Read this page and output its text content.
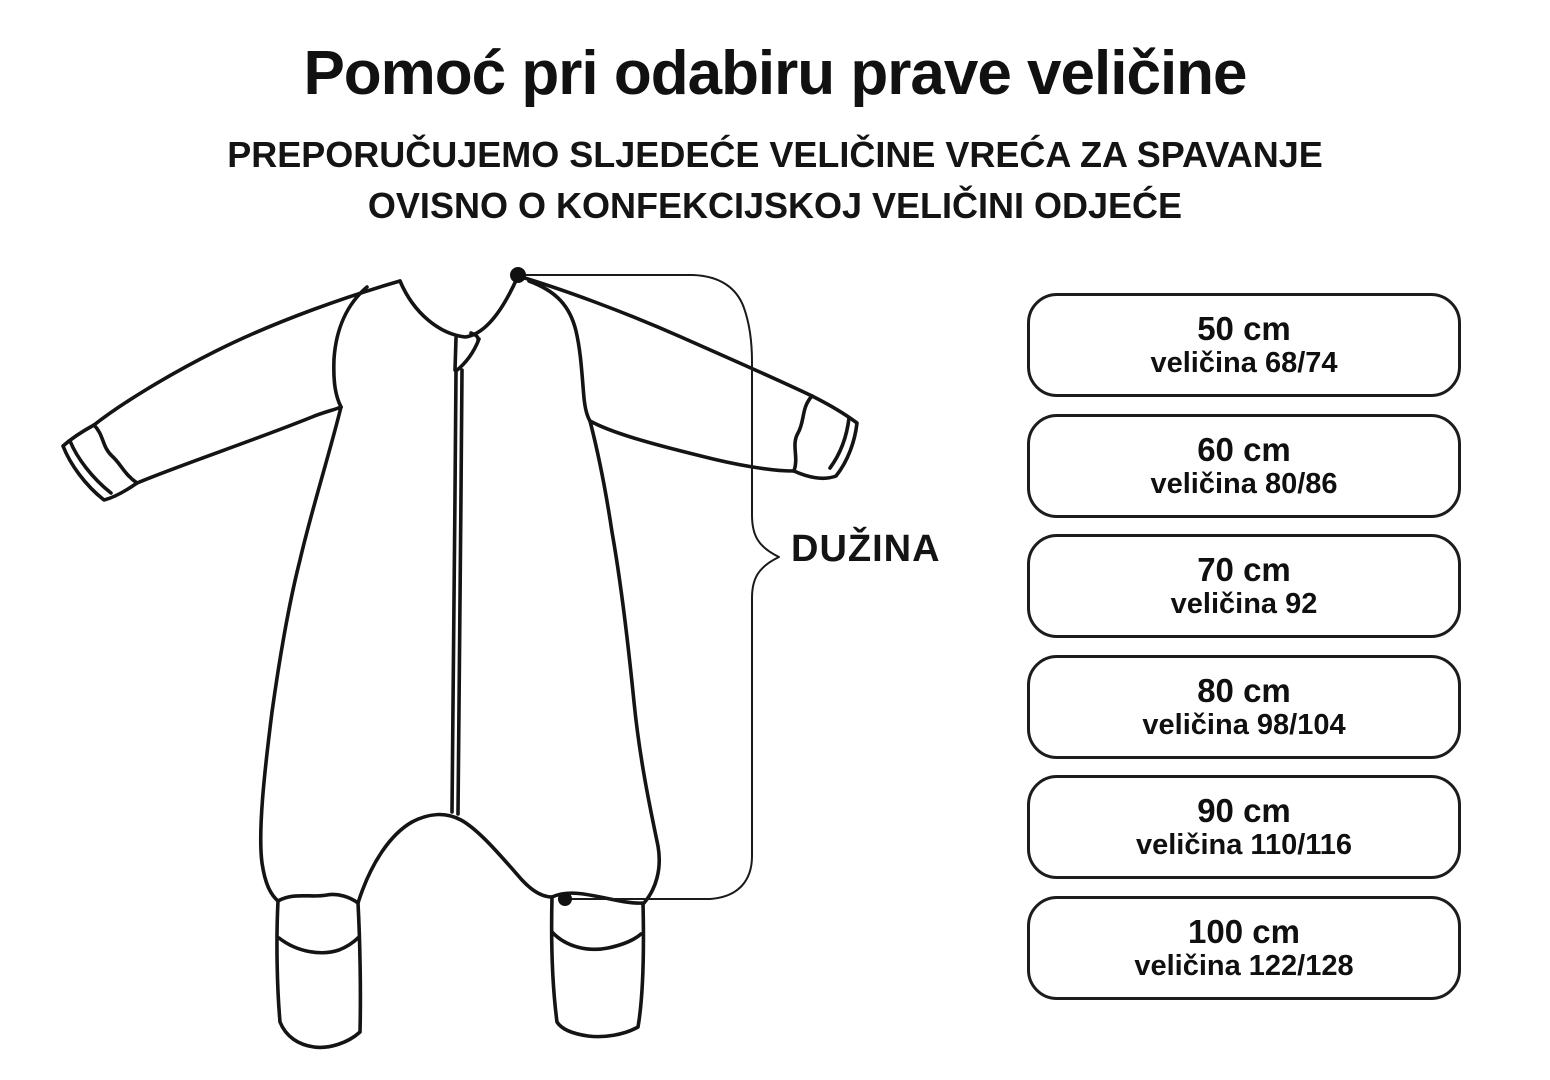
Pomoć pri odabiru prave veličine
PREPORUČUJEMO SLJEDEĆE VELIČINE VREĆA ZA SPAVANJE
OVISNO O KONFEKCIJSKOJ VELIČINI ODJEĆE
DUŽINA
50 cm
veličina 68/74
60 cm
veličina 80/86
70 cm
veličina 92
80 cm
veličina 98/104
90 cm
veličina 110/116
100 cm
veličina 122/128
